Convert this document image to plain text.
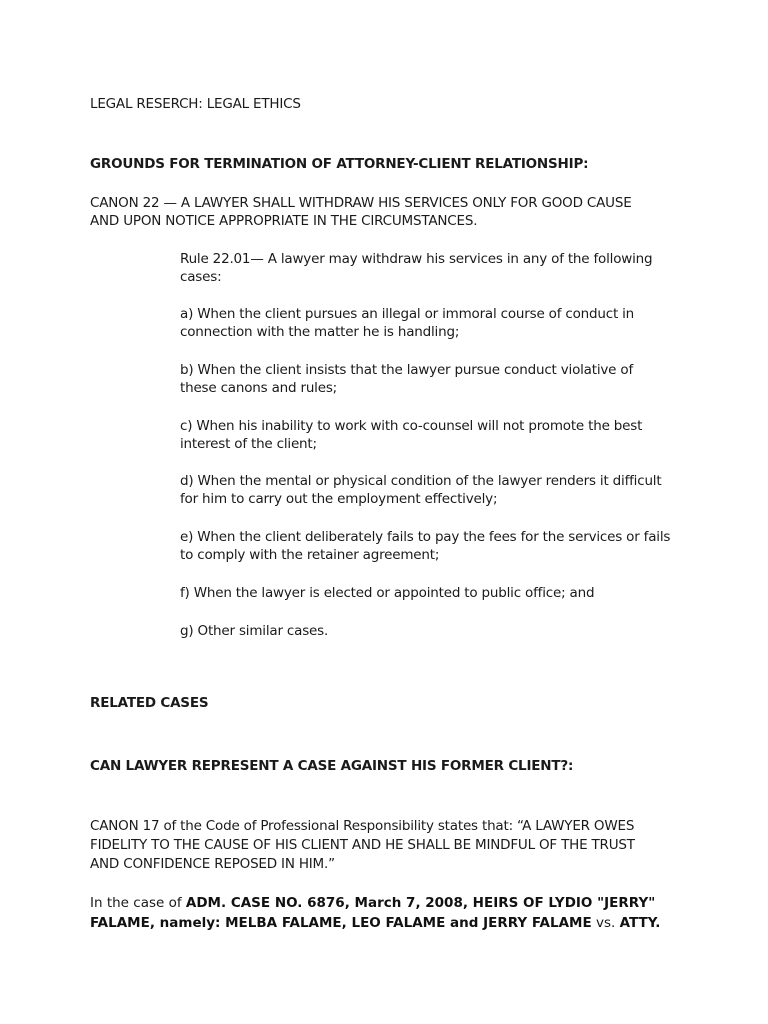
LEGAL RESERCH: LEGAL ETHICS
GROUNDS FOR TERMINATION OF ATTORNEY-CLIENT RELATIONSHIP:
CANON 22 — A LAWYER SHALL WITHDRAW HIS SERVICES ONLY FOR GOOD CAUSE
AND UPON NOTICE APPROPRIATE IN THE CIRCUMSTANCES.
Rule 22.01— A lawyer may withdraw his services in any of the following
cases:
a) When the client pursues an illegal or immoral course of conduct in
connection with the matter he is handling;
b) When the client insists that the lawyer pursue conduct violative of
these canons and rules;
c) When his inability to work with co-counsel will not promote the best
interest of the client;
d) When the mental or physical condition of the lawyer renders it difficult
for him to carry out the employment effectively;
e) When the client deliberately fails to pay the fees for the services or fails
to comply with the retainer agreement;
f) When the lawyer is elected or appointed to public office; and
g) Other similar cases.
RELATED CASES
CAN LAWYER REPRESENT A CASE AGAINST HIS FORMER CLIENT?:
CANON 17 of the Code of Professional Responsibility states that: “A LAWYER OWES
FIDELITY TO THE CAUSE OF HIS CLIENT AND HE SHALL BE MINDFUL OF THE TRUST
AND CONFIDENCE REPOSED IN HIM.”
In the case of ADM. CASE NO. 6876, March 7, 2008, HEIRS OF LYDIO "JERRY"
FALAME, namely: MELBA FALAME, LEO FALAME and JERRY FALAME vs. ATTY.
